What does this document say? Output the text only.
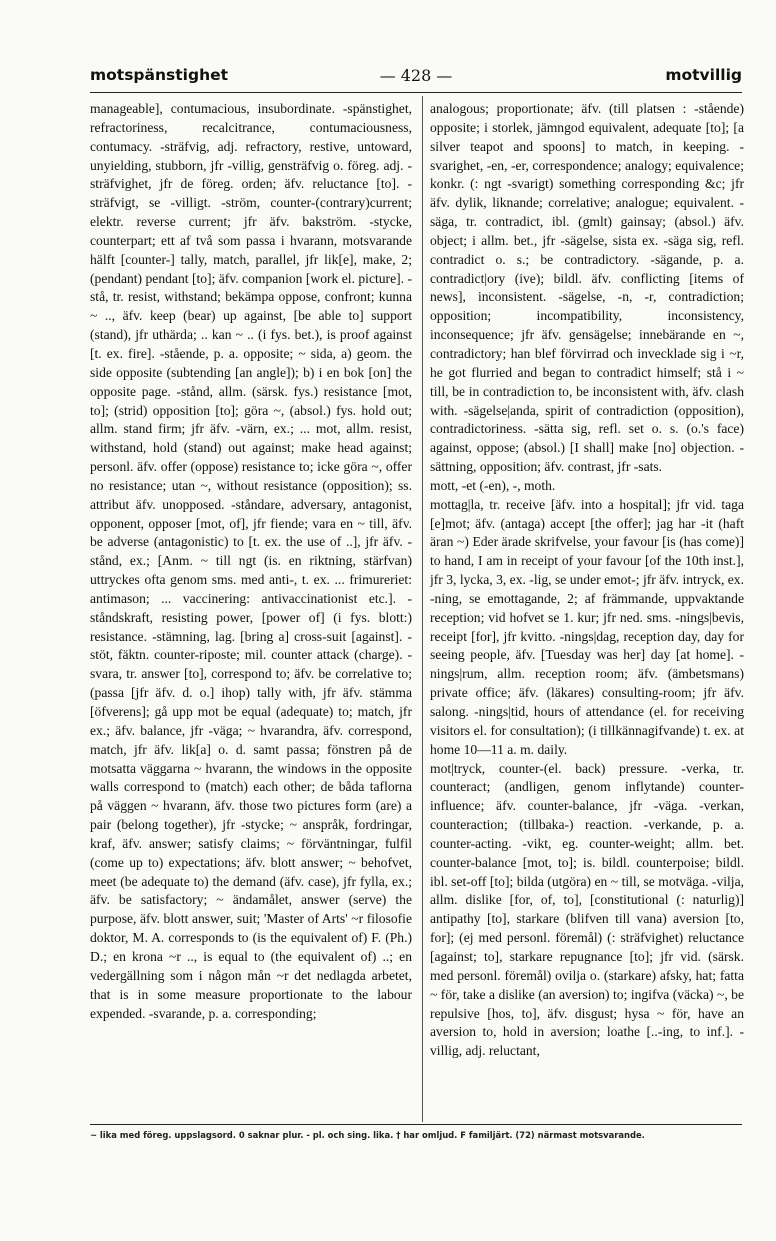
motspänstighet	— 428 —	motvillig

manageable], contumacious, insubordinate. -spänstighet, refractoriness, recalcitrance, contumaciousness, contumacy. -sträfvig, adj. refractory, restive, untoward, unyielding, stubborn, jfr -villig, gensträfvig o. föreg. adj. -sträfvighet, jfr de föreg. orden; äfv. reluctance [to]. -sträfvigt, se -villigt. -ström, counter-(contrary)current; elektr. reverse current; jfr äfv. bakström. -stycke, counterpart; ett af två som passa i hvarann, motsvarande hälft [counter-] tally, match, parallel, jfr lik[e], make, 2; (pendant) pendant [to]; äfv. companion [work el. picture]. -stå, tr. resist, withstand; bekämpa oppose, confront; kunna ~ .., äfv. keep (bear) up against, [be able to] support (stand), jfr uthärda; .. kan ~ .. (i fys. bet.), is proof against [t. ex. fire]. -stående, p. a. opposite; ~ sida, a) geom. the side opposite (subtending [an angle]); b) i en bok [on] the opposite page. -stånd, allm. (särsk. fys.) resistance [mot, to]; (strid) opposition [to]; göra ~, (absol.) fys. hold out; allm. stand firm; jfr äfv. -värn, ex.; ... mot, allm. resist, withstand, hold (stand) out against; make head against; personl. äfv. offer (oppose) resistance to; icke göra ~, offer no resistance; utan ~, without resistance (opposition); ss. attribut äfv. unopposed. -ståndare, adversary, antagonist, opponent, opposer [mot, of], jfr fiende; vara en ~ till, äfv. be adverse (antagonistic) to [t. ex. the use of ..], jfr äfv. -stånd, ex.; [Anm. ~ till ngt (is. en riktning, stärfvan) uttryckes ofta genom sms. med anti-, t. ex. ... frimureriet: antimason; ... vaccinering: antivaccinationist etc.]. -ståndskraft, resisting power, [power of] (i fys. blott:) resistance. -stämning, lag. [bring a] cross-suit [against]. -stöt, fäktn. counter-riposte; mil. counter attack (charge). -svara, tr. answer [to], correspond to; äfv. be correlative to; (passa [jfr äfv. d. o.] ihop) tally with, jfr äfv. stämma [öfverens]; gå upp mot be equal (adequate) to; match, jfr ex.; äfv. balance, jfr -väga; ~ hvarandra, äfv. correspond, match, jfr äfv. lik[a] o. d. samt passa; fönstren på de motsatta väggarna ~ hvarann, the windows in the opposite walls correspond to (match) each other; de båda taflorna på väggen ~ hvarann, äfv. those two pictures form (are) a pair (belong together), jfr -stycke; ~ anspråk, fordringar, kraf, äfv. answer; satisfy claims; ~ förväntningar, fulfil (come up to) expectations; äfv. blott answer; ~ behofvet, meet (be adequate to) the demand (äfv. case), jfr fylla, ex.; äfv. be satisfactory; ~ ändamålet, answer (serve) the purpose, äfv. blott answer, suit; 'Master of Arts' ~r filosofie doktor, M. A. corresponds to (is the equivalent of) F. (Ph.) D.; en krona ~r .., is equal to (the equivalent of) ..; en vedergällning som i någon mån ~r det nedlagda arbetet, that is in some measure proportionate to the labour expended. -svarande, p. a. corresponding;

analogous; proportionate; äfv. (till platsen : -stående) opposite; i storlek, jämngod equivalent, adequate [to]; [a silver teapot and spoons] to match, in keeping. -svarighet, -en, -er, correspondence; analogy; equivalence; konkr. (: ngt -svarigt) something corresponding &c; jfr äfv. dylik, liknande; correlative; analogue; equivalent. -säga, tr. contradict, ibl. (gmlt) gainsay; (absol.) äfv. object; i allm. bet., jfr -sägelse, sista ex. -säga sig, refl. contradict o. s.; be contradictory. -sägande, p. a. contradict|ory (ive); bildl. äfv. conflicting [items of news], inconsistent. -sägelse, -n, -r, contradiction; opposition; incompatibility, inconsistency, inconsequence; jfr äfv. gensägelse; innebärande en ~, contradictory; han blef förvirrad och invecklade sig i ~r, he got flurried and began to contradict himself; stå i ~ till, be in contradiction to, be inconsistent with, äfv. clash with. -sägelse|anda, spirit of contradiction (opposition), contradictoriness. -sätta sig, refl. set o. s. (o.'s face) against, oppose; (absol.) [I shall] make [no] objection. -sättning, opposition; äfv. contrast, jfr -sats.

mott, -et (-en), -, moth.

mottag|la, tr. receive [äfv. into a hospital]; jfr vid. taga [e]mot; äfv. (antaga) accept [the offer]; jag har -it (haft äran ~) Eder ärade skrifvelse, your favour [is (has come)] to hand, I am in receipt of your favour [of the 10th inst.], jfr 3, lycka, 3, ex. -lig, se under emot-; jfr äfv. intryck, ex. -ning, se emottagande, 2; af främmande, uppvaktande reception; vid hofvet se 1. kur; jfr ned. sms. -nings|bevis, receipt [for], jfr kvitto. -nings|dag, reception day, day for seeing people, äfv. [Tuesday was her] day [at home]. -nings|rum, allm. reception room; äfv. (ämbetsmans) private office; äfv. (läkares) consulting-room; jfr äfv. salong. -nings|tid, hours of attendance (el. for receiving visitors el. for consultation); (i tillkännagifvande) t. ex. at home 10—11 a. m. daily.

mot|tryck, counter-(el. back) pressure. -verka, tr. counteract; (andligen, genom inflytande) counter-influence; äfv. counter-balance, jfr -väga. -verkan, counteraction; (tillbaka-) reaction. -verkande, p. a. counter-acting. -vikt, eg. counter-weight; allm. bet. counter-balance [mot, to]; is. bildl. counterpoise; bildl. ibl. set-off [to]; bilda (utgöra) en ~ till, se motväga. -vilja, allm. dislike [for, of, to], [constitutional (: naturlig)] antipathy [to], starkare (blifven till vana) aversion [to, for]; (ej med personl. föremål) (: sträfvighet) reluctance [against; to], starkare repugnance [to]; jfr vid. (särsk. med personl. föremål) ovilja o. (starkare) afsky, hat; fatta ~ för, take a dislike (an aversion) to; ingifva (väcka) ~, be repulsive [hos, to], äfv. disgust; hysa ~ för, have an aversion to, hold in aversion; loathe [..-ing, to inf.]. -villig, adj. reluctant,

~ lika med föreg. uppslagsord. 0 saknar plur. - pl. och sing. lika. † har omljud. F familjärt. (72) närmast motsvarande.
